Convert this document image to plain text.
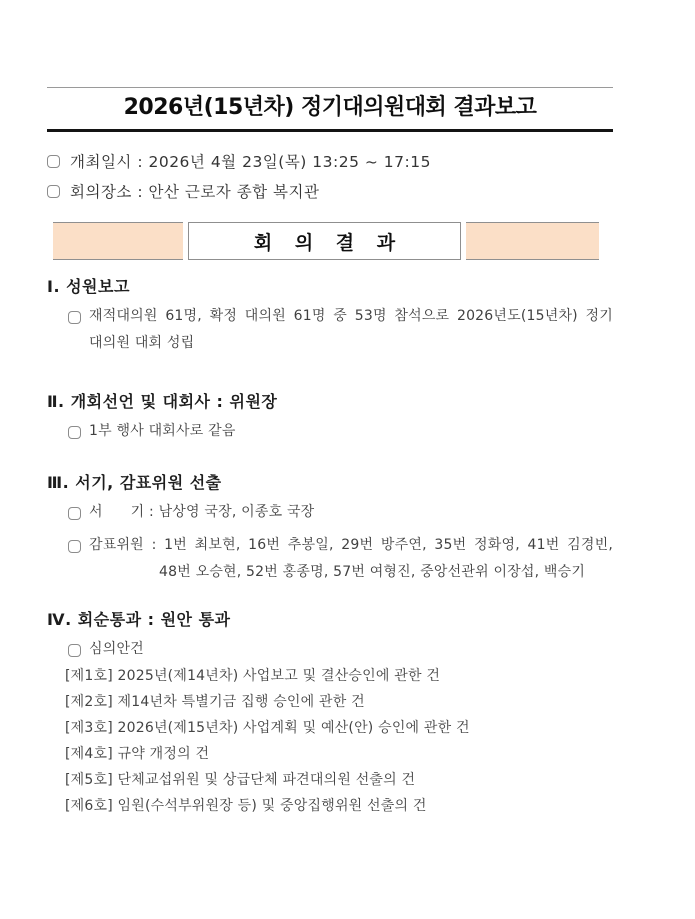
2026년(15년차) 정기대의원대회 결과보고
개최일시 : 2026년 4월 23일(목) 13:25 ~ 17:15
회의장소 : 안산 근로자 종합 복지관
회 의 결 과
Ⅰ. 성원보고
재적대의원 61명, 확정 대의원 61명 중 53명 참석으로 2026년도(15년차) 정기
대의원 대회 성립
Ⅱ. 개회선언 및 대회사 : 위원장
1부 행사 대회사로 같음
Ⅲ. 서기, 감표위원 선출
서      기 : 남상영 국장, 이종호 국장
감표위원 : 1번 최보현, 16번 추봉일, 29번 방주연, 35번 정화영, 41번 김경빈,
48번 오승현, 52번 홍종명, 57번 여형진, 중앙선관위 이장섭, 백승기
Ⅳ. 회순통과 : 원안 통과
심의안건
[제1호] 2025년(제14년차) 사업보고 및 결산승인에 관한 건
[제2호] 제14년차 특별기금 집행 승인에 관한 건
[제3호] 2026년(제15년차) 사업계획 및 예산(안) 승인에 관한 건
[제4호] 규약 개정의 건
[제5호] 단체교섭위원 및 상급단체 파견대의원 선출의 건
[제6호] 임원(수석부위원장 등) 및 중앙집행위원 선출의 건
